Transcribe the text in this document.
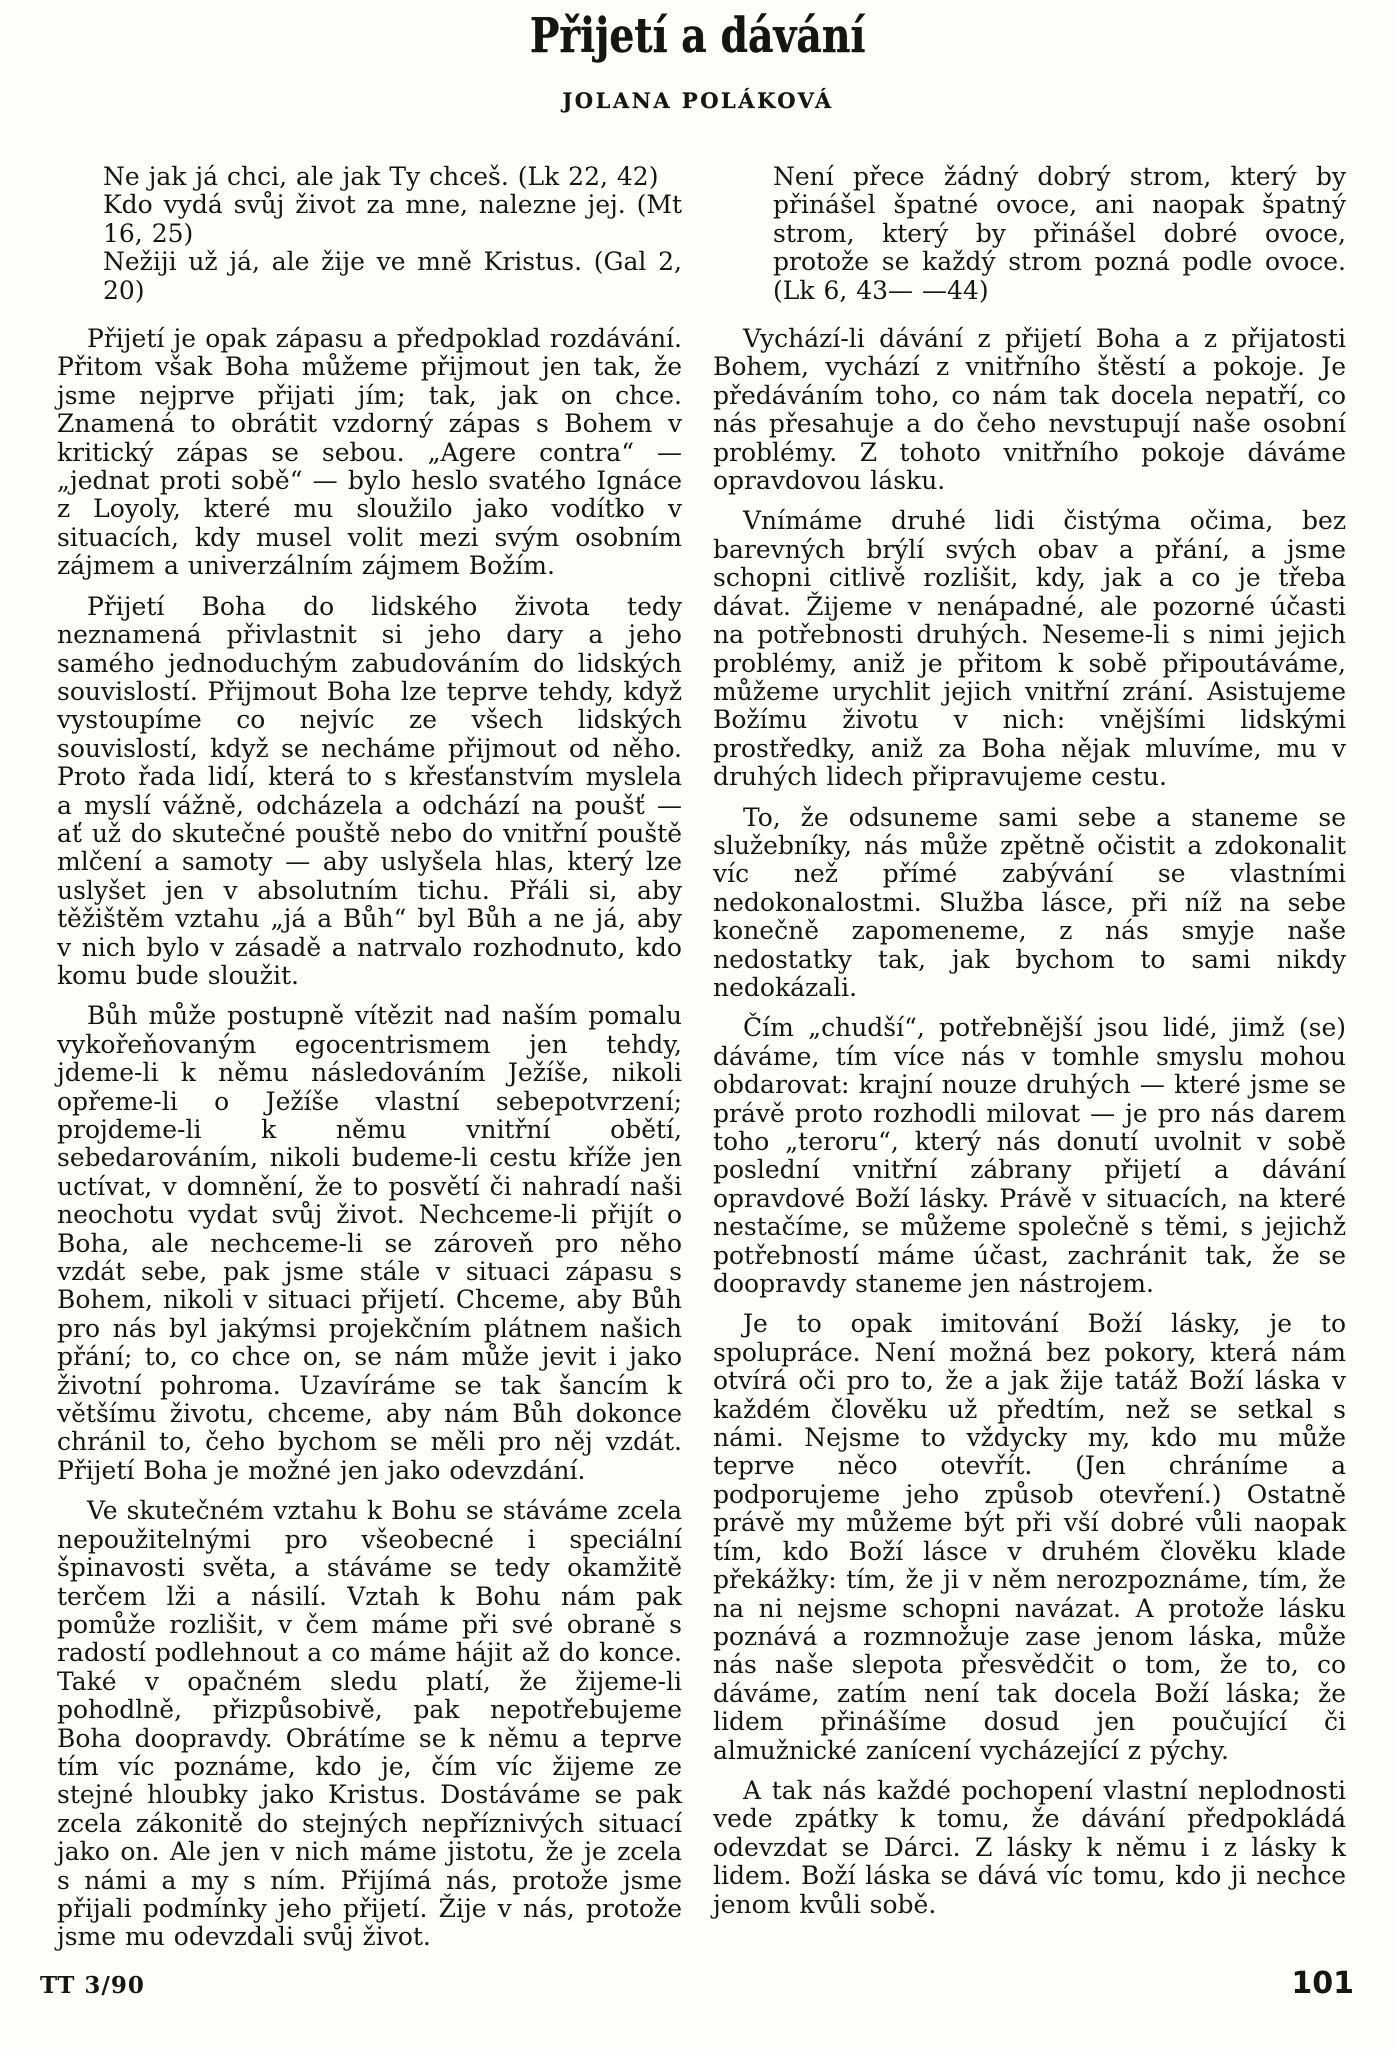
Přijetí a dávání
JOLANA POLÁKOVÁ

Ne jak já chci, ale jak Ty chceš. (Lk 22, 42)

Kdo vydá svůj život za mne, nalezne jej. (Mt 16, 25)

Nežiji už já, ale žije ve mně Kristus. (Gal 2, 20)

Přijetí je opak zápasu a předpoklad rozdávání. Přitom však Boha můžeme přijmout jen tak, že jsme nejprve přijati jím; tak, jak on chce. Znamená to obrátit vzdorný zápas s Bohem v kritický zápas se sebou. „Agere contra“ — „jednat proti sobě“ — bylo heslo svatého Ignáce z Loyoly, které mu sloužilo jako vodítko v situacích, kdy musel volit mezi svým osobním zájmem a univerzálním zájmem Božím.

Přijetí Boha do lidského života tedy neznamená přivlastnit si jeho dary a jeho samého jednoduchým zabudováním do lidských souvislostí. Přijmout Boha lze teprve tehdy, když vystoupíme co nejvíc ze všech lidských souvislostí, když se necháme přijmout od něho. Proto řada lidí, která to s křesťanstvím myslela a myslí vážně, odcházela a odchází na poušť — ať už do skutečné pouště nebo do vnitřní pouště mlčení a samoty — aby uslyšela hlas, který lze uslyšet jen v absolutním tichu. Přáli si, aby těžištěm vztahu „já a Bůh“ byl Bůh a ne já, aby v nich bylo v zásadě a natrvalo rozhodnuto, kdo komu bude sloužit.

Bůh může postupně vítězit nad naším pomalu vykořeňovaným egocentrismem jen tehdy, jdeme-li k němu následováním Ježíše, nikoli opřeme-li o Ježíše vlastní sebepotvrzení; projdeme-li k němu vnitřní obětí, sebedarováním, nikoli budeme-li cestu kříže jen uctívat, v domnění, že to posvětí či nahradí naši neochotu vydat svůj život. Nechceme-li přijít o Boha, ale nechceme-li se zároveň pro něho vzdát sebe, pak jsme stále v situaci zápasu s Bohem, nikoli v situaci přijetí. Chceme, aby Bůh pro nás byl jakýmsi projekčním plátnem našich přání; to, co chce on, se nám může jevit i jako životní pohroma. Uzavíráme se tak šancím k většímu životu, chceme, aby nám Bůh dokonce chránil to, čeho bychom se měli pro něj vzdát. Přijetí Boha je možné jen jako odevzdání.

Ve skutečném vztahu k Bohu se stáváme zcela nepoužitelnými pro všeobecné i speciální špinavosti světa, a stáváme se tedy okamžitě terčem lži a násilí. Vztah k Bohu nám pak pomůže rozlišit, v čem máme při své obraně s radostí podlehnout a co máme hájit až do konce. Také v opačném sledu platí, že žijeme-li pohodlně, přizpůsobivě, pak nepotřebujeme Boha doopravdy. Obrátíme se k němu a teprve tím víc poznáme, kdo je, čím víc žijeme ze stejné hloubky jako Kristus. Dostáváme se pak zcela zákonitě do stejných nepříznivých situací jako on. Ale jen v nich máme jistotu, že je zcela s námi a my s ním. Přijímá nás, protože jsme přijali podmínky jeho přijetí. Žije v nás, protože jsme mu odevzdali svůj život.

Není přece žádný dobrý strom, který by přinášel špatné ovoce, ani naopak špatný strom, který by přinášel dobré ovoce, protože se každý strom pozná podle ovoce. (Lk 6, 43— —44)

Vychází-li dávání z přijetí Boha a z přijatosti Bohem, vychází z vnitřního štěstí a pokoje. Je předáváním toho, co nám tak docela nepatří, co nás přesahuje a do čeho nevstupují naše osobní problémy. Z tohoto vnitřního pokoje dáváme opravdovou lásku.

Vnímáme druhé lidi čistýma očima, bez barevných brýlí svých obav a přání, a jsme schopni citlivě rozlišit, kdy, jak a co je třeba dávat. Žijeme v nenápadné, ale pozorné účasti na potřebnosti druhých. Neseme-li s nimi jejich problémy, aniž je přitom k sobě připoutáváme, můžeme urychlit jejich vnitřní zrání. Asistujeme Božímu životu v nich: vnějšími lidskými prostředky, aniž za Boha nějak mluvíme, mu v druhých lidech připravujeme cestu.

To, že odsuneme sami sebe a staneme se služebníky, nás může zpětně očistit a zdokonalit víc než přímé zabývání se vlastními nedokonalostmi. Služba lásce, při níž na sebe konečně zapomeneme, z nás smyje naše nedostatky tak, jak bychom to sami nikdy nedokázali.

Čím „chudší“, potřebnější jsou lidé, jimž (se) dáváme, tím více nás v tomhle smyslu mohou obdarovat: krajní nouze druhých — které jsme se právě proto rozhodli milovat — je pro nás darem toho „teroru“, který nás donutí uvolnit v sobě poslední vnitřní zábrany přijetí a dávání opravdové Boží lásky. Právě v situacích, na které nestačíme, se můžeme společně s těmi, s jejichž potřebností máme účast, zachránit tak, že se doopravdy staneme jen nástrojem.

Je to opak imitování Boží lásky, je to spolupráce. Není možná bez pokory, která nám otvírá oči pro to, že a jak žije tatáž Boží láska v každém člověku už předtím, než se setkal s námi. Nejsme to vždycky my, kdo mu může teprve něco otevřít. (Jen chráníme a podporujeme jeho způsob otevření.) Ostatně právě my můžeme být při vší dobré vůli naopak tím, kdo Boží lásce v druhém člověku klade překážky: tím, že ji v něm nerozpoznáme, tím, že na ni nejsme schopni navázat. A protože lásku poznává a rozmnožuje zase jenom láska, může nás naše slepota přesvědčit o tom, že to, co dáváme, zatím není tak docela Boží láska; že lidem přinášíme dosud jen poučující či almužnické zanícení vycházející z pýchy.

A tak nás každé pochopení vlastní neplodnosti vede zpátky k tomu, že dávání předpokládá odevzdat se Dárci. Z lásky k němu i z lásky k lidem. Boží láska se dává víc tomu, kdo ji nechce jenom kvůli sobě.

TT 3/90	101
